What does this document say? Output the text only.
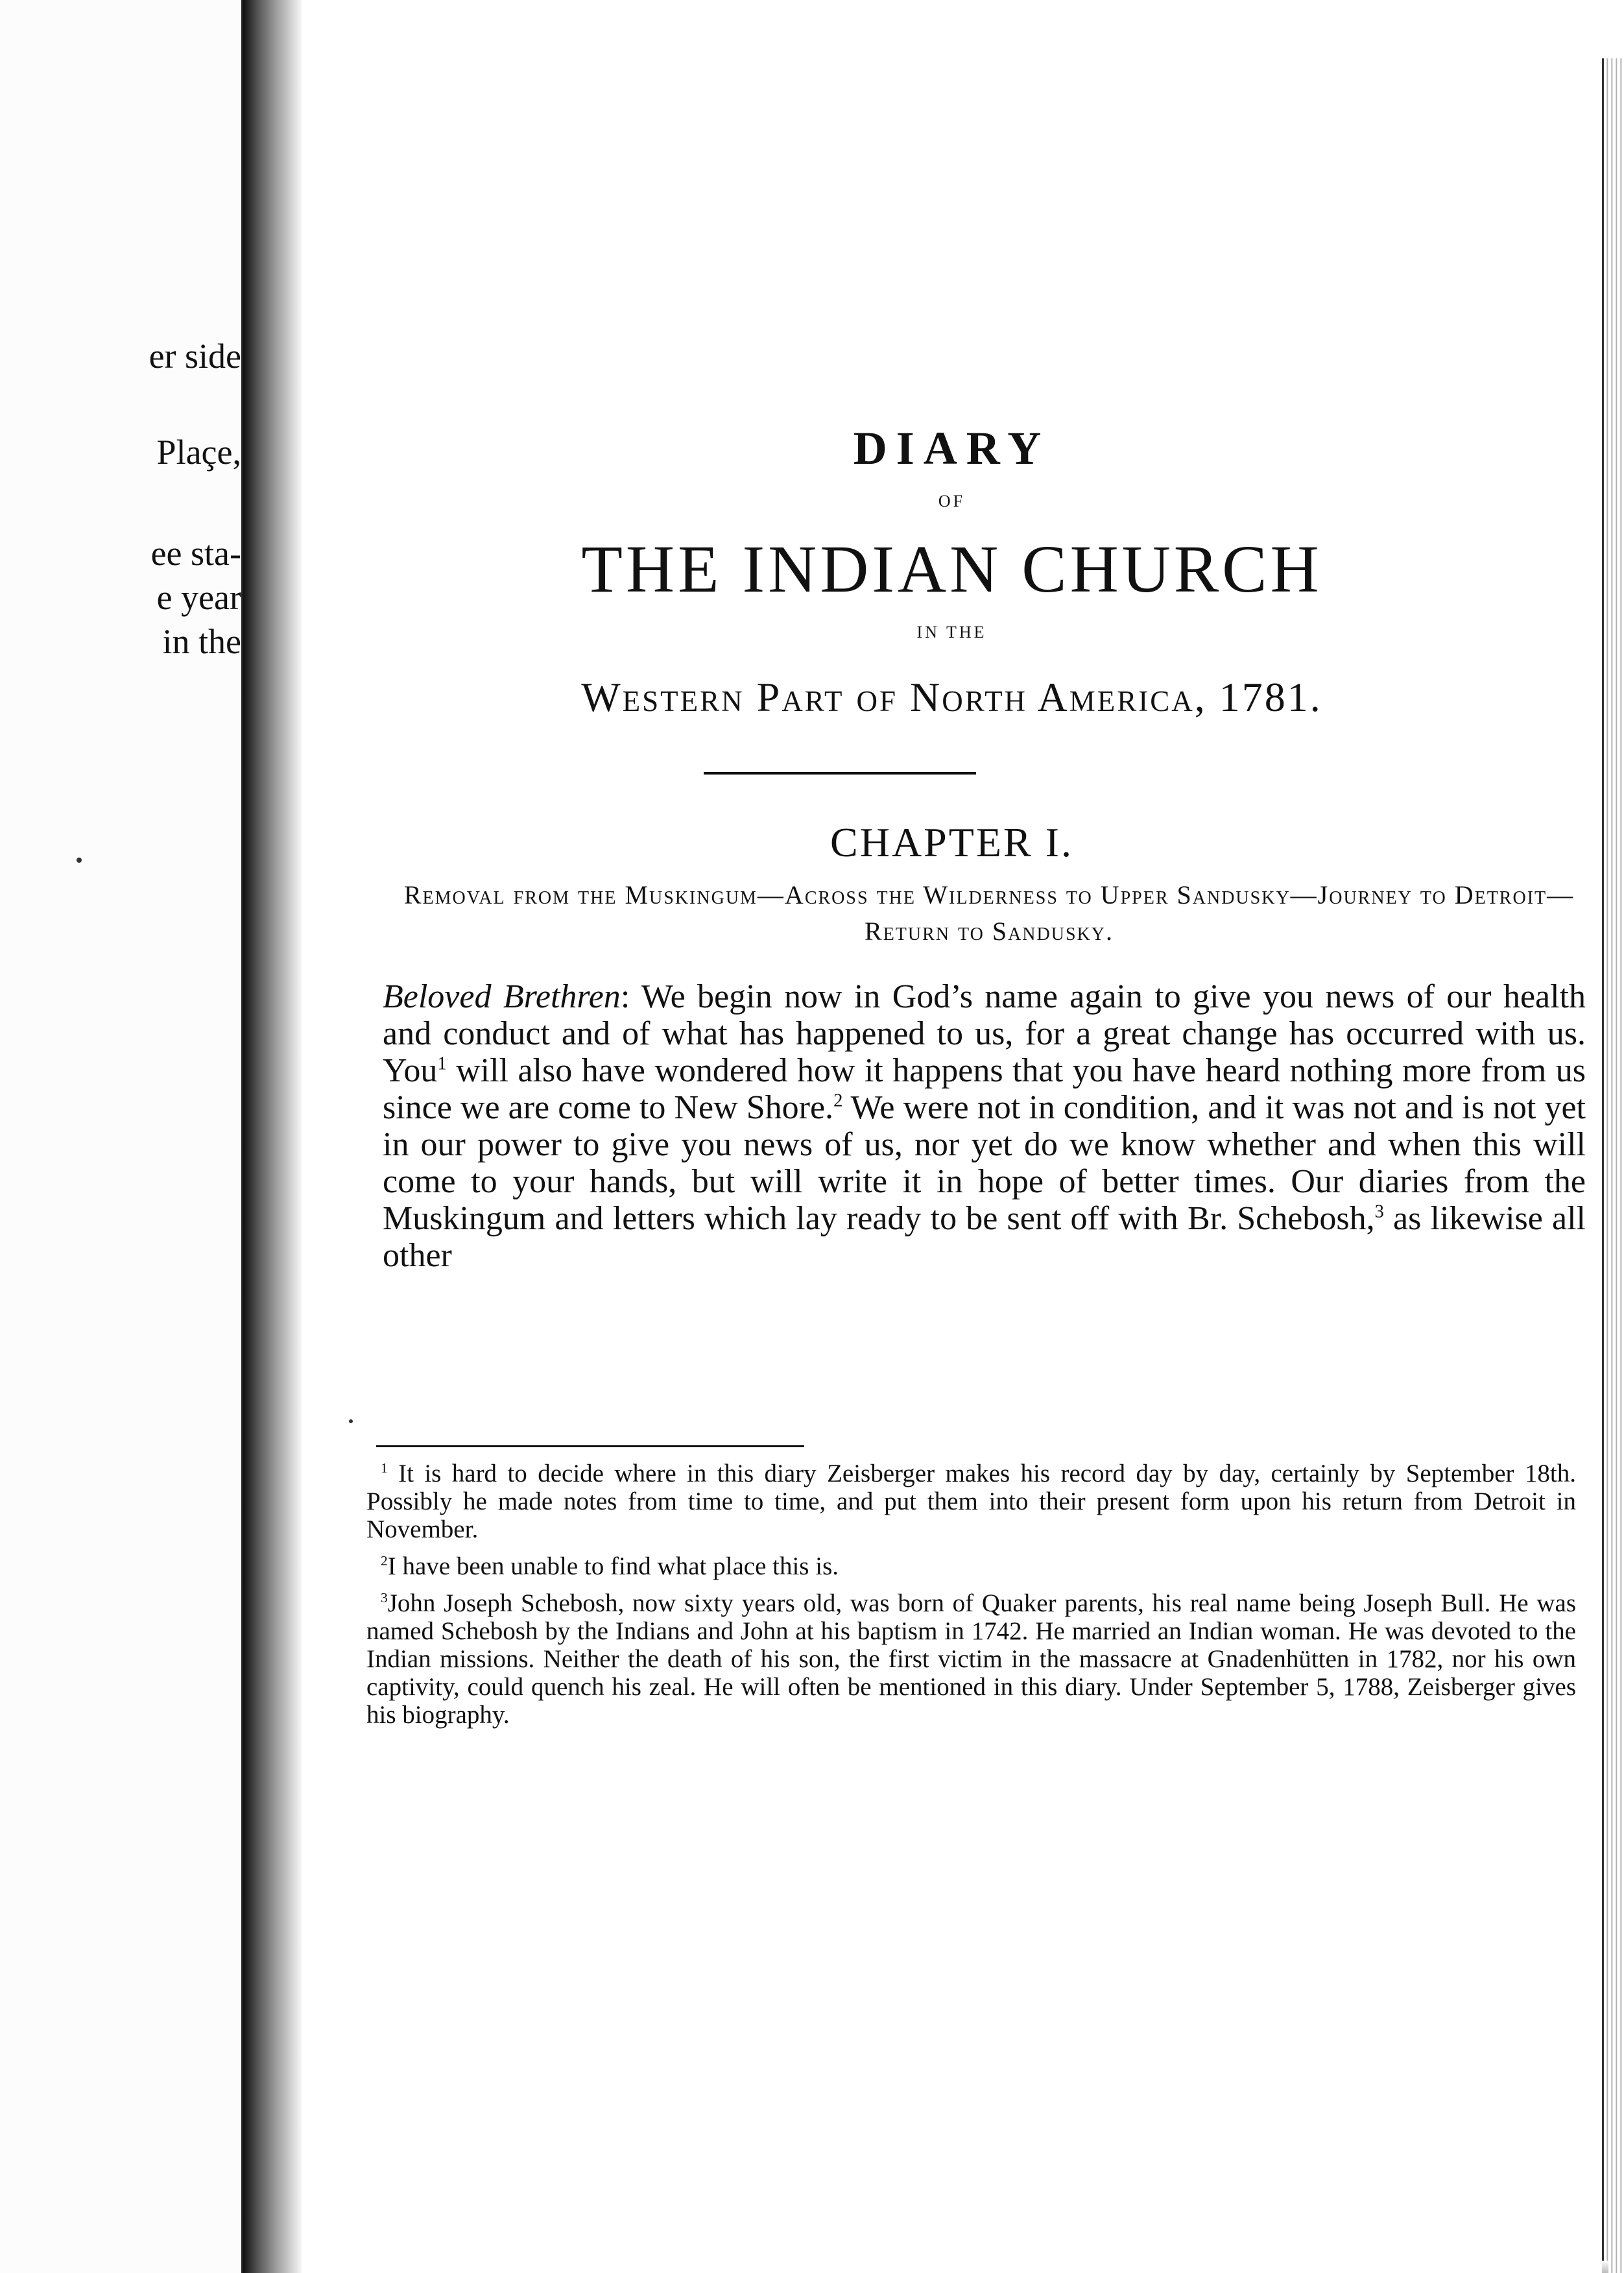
er side

Plaçe,

ee sta-

e year

in the

DIARY

OF

THE INDIAN CHURCH

IN THE

Western Part of North America, 1781.

CHAPTER I.

Removal from the Muskingum—Across the Wilderness to Upper Sandusky—Journey to Detroit—Return to Sandusky.

Beloved Brethren: We begin now in God’s name again to give you news of our health and conduct and of what has happened to us, for a great change has occurred with us. You$^1$ will also have wondered how it happens that you have heard nothing more from us since we are come to New Shore.$^2$ We were not in condition, and it was not and is not yet in our power to give you news of us, nor yet do we know whether and when this will come to your hands, but will write it in hope of better times. Our diaries from the Muskingum and letters which lay ready to be sent off with Br. Schebosh,$^3$ as likewise all other

$^1$ It is hard to decide where in this diary Zeisberger makes his record day by day, certainly by September 18th. Possibly he made notes from time to time, and put them into their present form upon his return from Detroit in November.

$^2$I have been unable to find what place this is.

$^3$John Joseph Schebosh, now sixty years old, was born of Quaker parents, his real name being Joseph Bull. He was named Schebosh by the Indians and John at his baptism in 1742. He married an Indian woman. He was devoted to the Indian missions. Neither the death of his son, the first victim in the massacre at Gnadenhütten in 1782, nor his own captivity, could quench his zeal. He will often be mentioned in this diary. Under September 5, 1788, Zeisberger gives his biography.
